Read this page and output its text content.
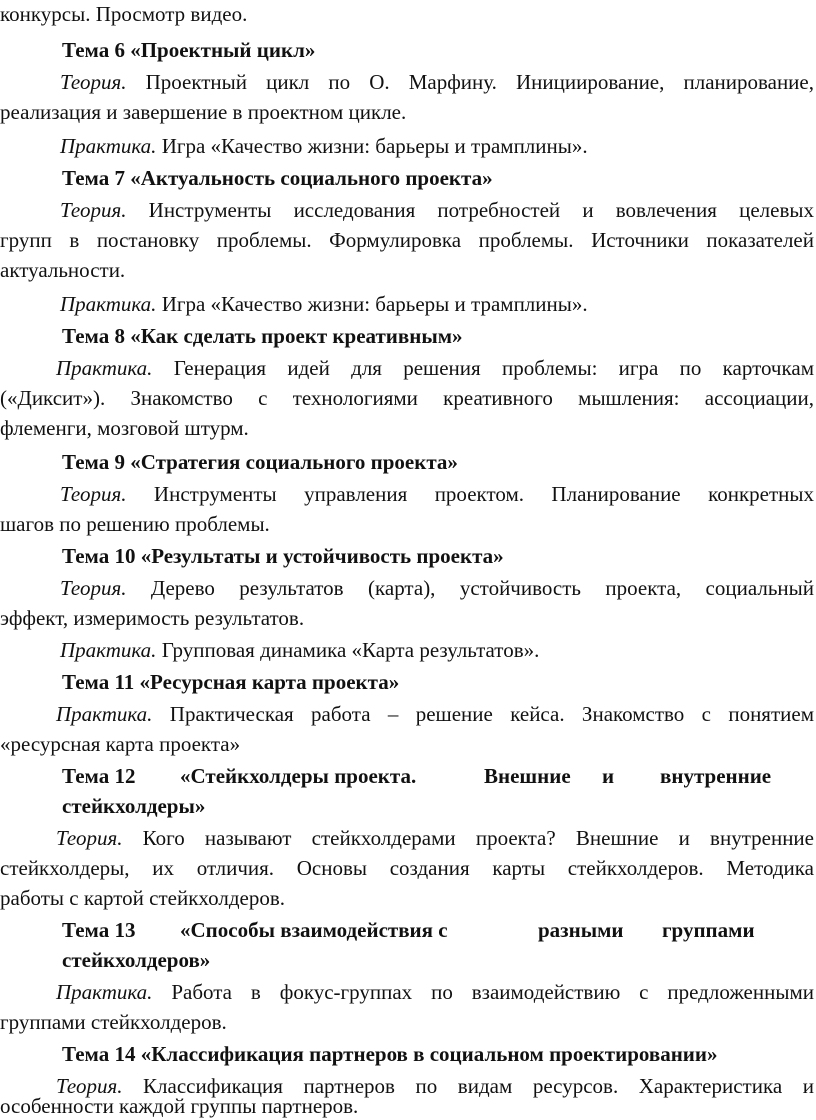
конкурсы. Просмотр видео.
Тема 6 «Проектный цикл»
Теория. Проектный цикл по О. Марфину. Инициирование, планирование,
реализация и завершение в проектном цикле.
Практика. Игра «Качество жизни: барьеры и трамплины».
Тема 7 «Актуальность социального проекта»
Теория. Инструменты исследования потребностей и вовлечения целевых
групп в постановку проблемы. Формулировка проблемы. Источники показателей
актуальности.
Практика. Игра «Качество жизни: барьеры и трамплины».
Тема 8 «Как сделать проект креативным»
Практика. Генерация идей для решения проблемы: игра по карточкам
(«Диксит»). Знакомство с технологиями креативного мышления: ассоциации,
флеменги, мозговой штурм.
Тема 9 «Стратегия социального проекта»
Теория. Инструменты управления проектом. Планирование конкретных
шагов по решению проблемы.
Тема 10 «Результаты и устойчивость проекта»
Теория. Дерево результатов (карта), устойчивость проекта, социальный
эффект, измеримость результатов.
Практика. Групповая динамика «Карта результатов».
Тема 11 «Ресурсная карта проекта»
Практика. Практическая работа – решение кейса. Знакомство с понятием
«ресурсная карта проекта»
Тема 12 «Стейкхолдеры проекта.	Внешние и внутренние
стейкхолдеры»
Теория. Кого называют стейкхолдерами проекта? Внешние и внутренние
стейкхолдеры, их отличия. Основы создания карты стейкхолдеров. Методика
работы с картой стейкхолдеров.
Тема 13 «Способы взаимодействия с	разными группами
стейкхолдеров»
Практика. Работа в фокус-группах по взаимодействию с предложенными
группами стейкхолдеров.
Тема 14 «Классификация партнеров в социальном проектировании»
Теория. Классификация партнеров по видам ресурсов. Характеристика и
особенности каждой группы партнеров.
